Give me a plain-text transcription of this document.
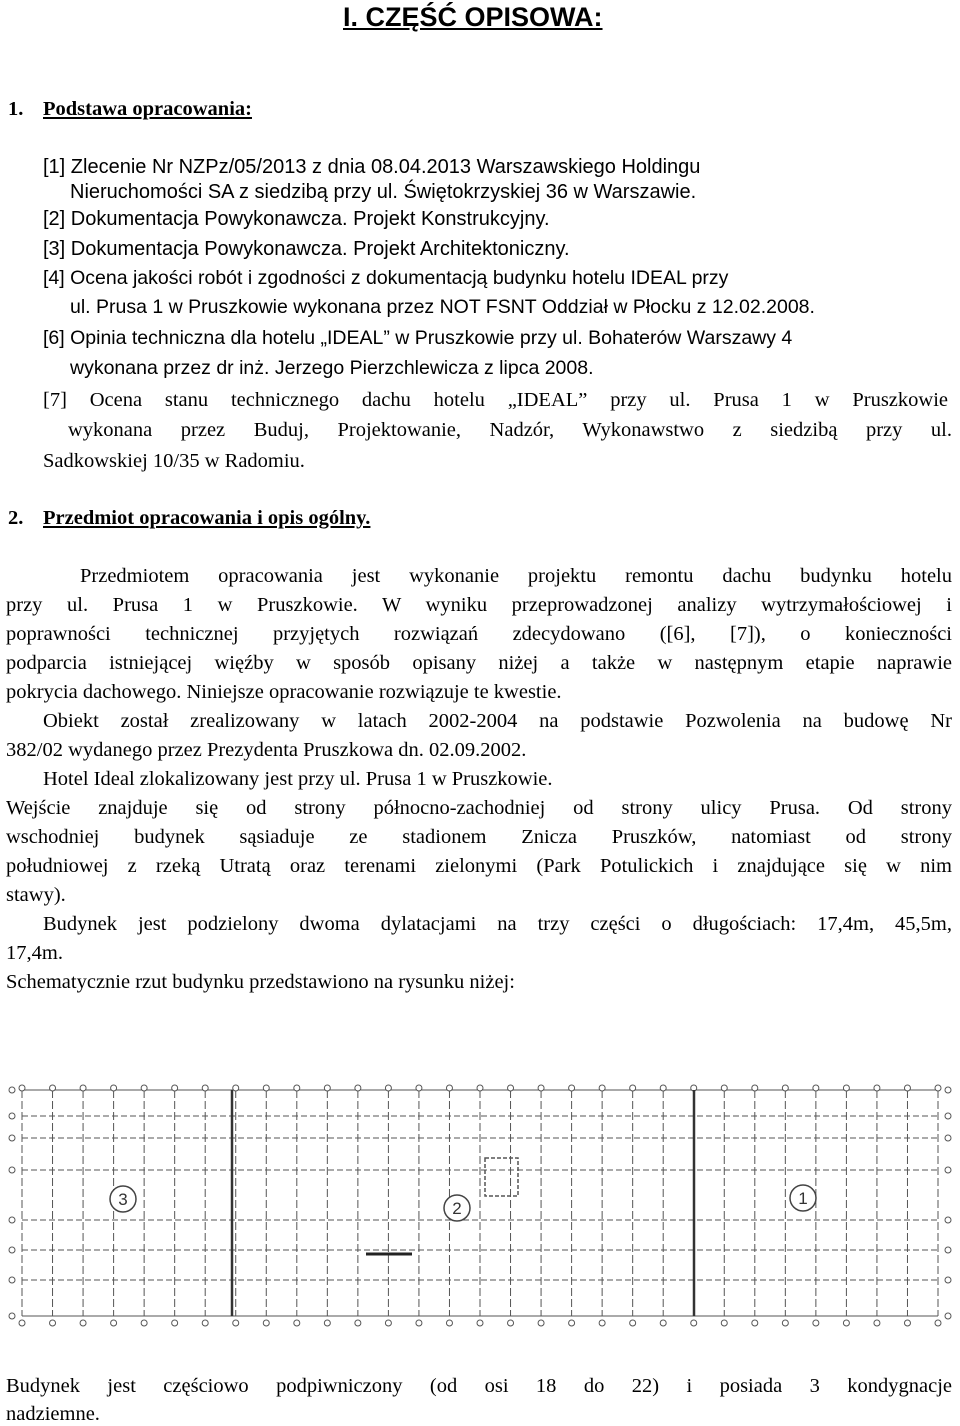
I. CZĘŚĆ OPISOWA:
1. Podstawa opracowania:
[1] Zlecenie Nr NZPz/05/2013 z dnia 08.04.2013 Warszawskiego Holdingu
Nieruchomości SA z siedzibą przy ul. Świętokrzyskiej 36 w Warszawie.
[2] Dokumentacja Powykonawcza. Projekt Konstrukcyjny.
[3] Dokumentacja Powykonawcza. Projekt Architektoniczny.
[4] Ocena jakości robót i zgodności z dokumentacją budynku hotelu IDEAL przy
ul. Prusa 1 w Pruszkowie wykonana przez NOT FSNT Oddział w Płocku z 12.02.2008.
[6] Opinia techniczna dla hotelu „IDEAL” w Pruszkowie przy ul. Bohaterów Warszawy 4
wykonana przez dr inż. Jerzego Pierzchlewicza z lipca 2008.
[7] Ocena stanu technicznego dachu hotelu „IDEAL” przy ul. Prusa 1 w Pruszkowie
wykonana przez Buduj, Projektowanie, Nadzór, Wykonawstwo z siedzibą przy ul.
Sadkowskiej 10/35 w Radomiu.
2. Przedmiot opracowania i opis ogólny.
Przedmiotem opracowania jest wykonanie projektu remontu dachu budynku hotelu
przy ul. Prusa 1 w Pruszkowie. W wyniku przeprowadzonej analizy wytrzymałościowej i
poprawności technicznej przyjętych rozwiązań zdecydowano ([6], [7]), o konieczności
podparcia istniejącej więźby w sposób opisany niżej a także w następnym etapie naprawie
pokrycia dachowego. Niniejsze opracowanie rozwiązuje te kwestie.
Obiekt został zrealizowany w latach 2002-2004 na podstawie Pozwolenia na budowę Nr
382/02 wydanego przez Prezydenta Pruszkowa dn. 02.09.2002.
Hotel Ideal zlokalizowany jest przy ul. Prusa 1 w Pruszkowie.
Wejście znajduje się od strony północno-zachodniej od strony ulicy Prusa. Od strony
wschodniej budynek sąsiaduje ze stadionem Znicza Pruszków, natomiast od strony
południowej z rzeką Utratą oraz terenami zielonymi (Park Potulickich i znajdujące się w nim
stawy).
Budynek jest podzielony dwoma dylatacjami na trzy części o długościach: 17,4m, 45,5m,
17,4m.
Schematycznie rzut budynku przedstawiono na rysunku niżej:
3	2
1
Budynek jest częściowo podpiwniczony (od osi 18 do 22) i posiada 3 kondygnacje
nadziemne.
